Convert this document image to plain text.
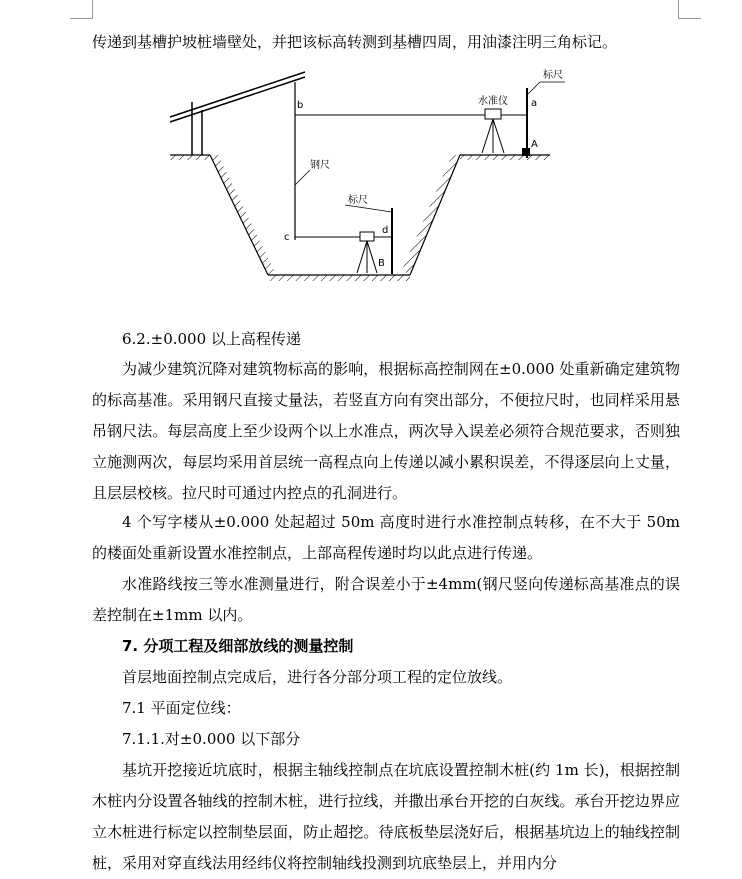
传递到基槽护坡桩墙壁处，并把该标高转测到基槽四周，用油漆注明三角标记。

标尺
水准仪 a
A
b
c
d
B
钢尺
标尺

6.2.±0.000 以上高程传递

为减少建筑沉降对建筑物标高的影响，根据标高控制网在±0.000 处重新确定建筑物的标高基准。采用钢尺直接丈量法，若竖直方向有突出部分，不便拉尺时，也同样采用悬吊钢尺法。每层高度上至少设两个以上水准点，两次导入误差必须符合规范要求，否则独立施测两次，每层均采用首层统一高程点向上传递以减小累积误差，不得逐层向上丈量，且层层校核。拉尺时可通过内控点的孔洞进行。

4 个写字楼从±0.000 处起超过 50m 高度时进行水准控制点转移，在不大于 50m 的楼面处重新设置水准控制点，上部高程传递时均以此点进行传递。

水准路线按三等水准测量进行，附合误差小于±4mm(钢尺竖向传递标高基准点的误差控制在±1mm 以内。

7. 分项工程及细部放线的测量控制

首层地面控制点完成后，进行各分部分项工程的定位放线。

7.1 平面定位线：

7.1.1.对±0.000 以下部分

基坑开挖接近坑底时，根据主轴线控制点在坑底设置控制木桩(约 1m 长)，根据控制木桩内分设置各轴线的控制木桩，进行拉线，并撒出承台开挖的白灰线。承台开挖边界应立木桩进行标定以控制垫层面，防止超挖。待底板垫层浇好后，根据基坑边上的轴线控制桩，采用对穿直线法用经纬仪将控制轴线投测到坑底垫层上，并用内分
